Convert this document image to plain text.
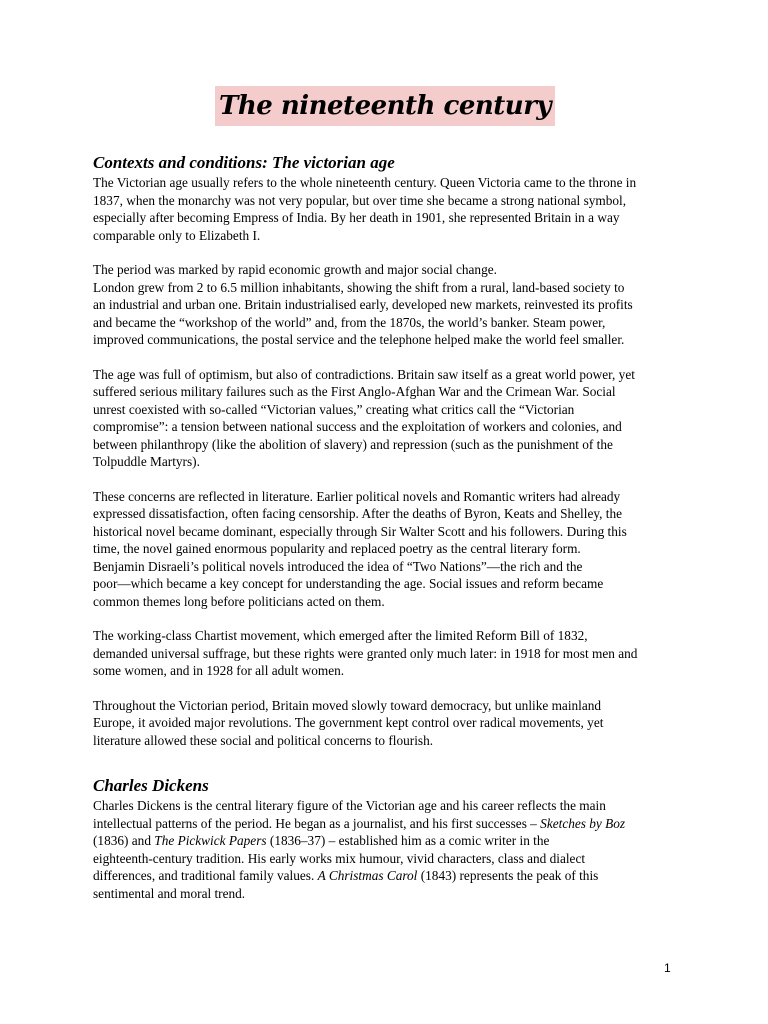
The nineteenth century
Contexts and conditions: The victorian age

The Victorian age usually refers to the whole nineteenth century. Queen Victoria came to the throne in
1837, when the monarchy was not very popular, but over time she became a strong national symbol,
especially after becoming Empress of India. By her death in 1901, she represented Britain in a way
comparable only to Elizabeth I.

The period was marked by rapid economic growth and major social change.
London grew from 2 to 6.5 million inhabitants, showing the shift from a rural, land-based society to
an industrial and urban one. Britain industrialised early, developed new markets, reinvested its profits
and became the “workshop of the world” and, from the 1870s, the world’s banker. Steam power,
improved communications, the postal service and the telephone helped make the world feel smaller.

The age was full of optimism, but also of contradictions. Britain saw itself as a great world power, yet
suffered serious military failures such as the First Anglo-Afghan War and the Crimean War. Social
unrest coexisted with so-called “Victorian values,” creating what critics call the “Victorian
compromise”: a tension between national success and the exploitation of workers and colonies, and
between philanthropy (like the abolition of slavery) and repression (such as the punishment of the
Tolpuddle Martyrs).

These concerns are reflected in literature. Earlier political novels and Romantic writers had already
expressed dissatisfaction, often facing censorship. After the deaths of Byron, Keats and Shelley, the
historical novel became dominant, especially through Sir Walter Scott and his followers. During this
time, the novel gained enormous popularity and replaced poetry as the central literary form.
Benjamin Disraeli’s political novels introduced the idea of “Two Nations”—the rich and the
poor—which became a key concept for understanding the age. Social issues and reform became
common themes long before politicians acted on them.

The working-class Chartist movement, which emerged after the limited Reform Bill of 1832,
demanded universal suffrage, but these rights were granted only much later: in 1918 for most men and
some women, and in 1928 for all adult women.

Throughout the Victorian period, Britain moved slowly toward democracy, but unlike mainland
Europe, it avoided major revolutions. The government kept control over radical movements, yet
literature allowed these social and political concerns to flourish.

Charles Dickens

Charles Dickens is the central literary figure of the Victorian age and his career reflects the main
intellectual patterns of the period. He began as a journalist, and his first successes – Sketches by Boz
(1836) and The Pickwick Papers (1836–37) – established him as a comic writer in the
eighteenth-century tradition. His early works mix humour, vivid characters, class and dialect
differences, and traditional family values. A Christmas Carol (1843) represents the peak of this
sentimental and moral trend.

1
